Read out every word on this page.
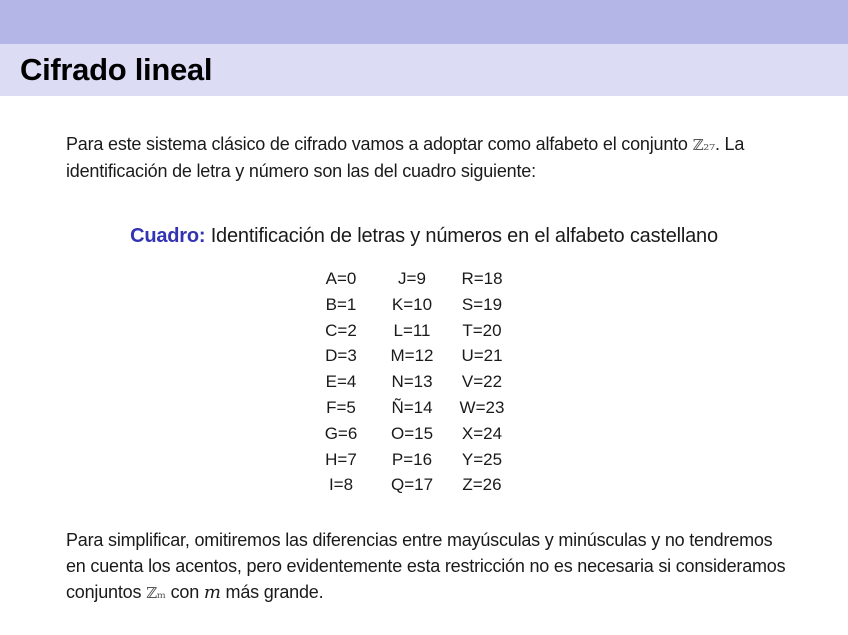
Cifrado lineal

Para este sistema clásico de cifrado vamos a adoptar como alfabeto el conjunto ℤ₂₇. La identificación de letra y número son las del cuadro siguiente:

Cuadro: Identificación de letras y números en el alfabeto castellano

A=0	J=9	R=18
B=1	K=10	S=19
C=2	L=11	T=20
D=3	M=12	U=21
E=4	N=13	V=22
F=5	Ñ=14	W=23
G=6	O=15	X=24
H=7	P=16	Y=25
I=8	Q=17	Z=26

Para simplificar, omitiremos las diferencias entre mayúsculas y minúsculas y no tendremos en cuenta los acentos, pero evidentemente esta restricción no es necesaria si consideramos conjuntos ℤₘ con m más grande.
